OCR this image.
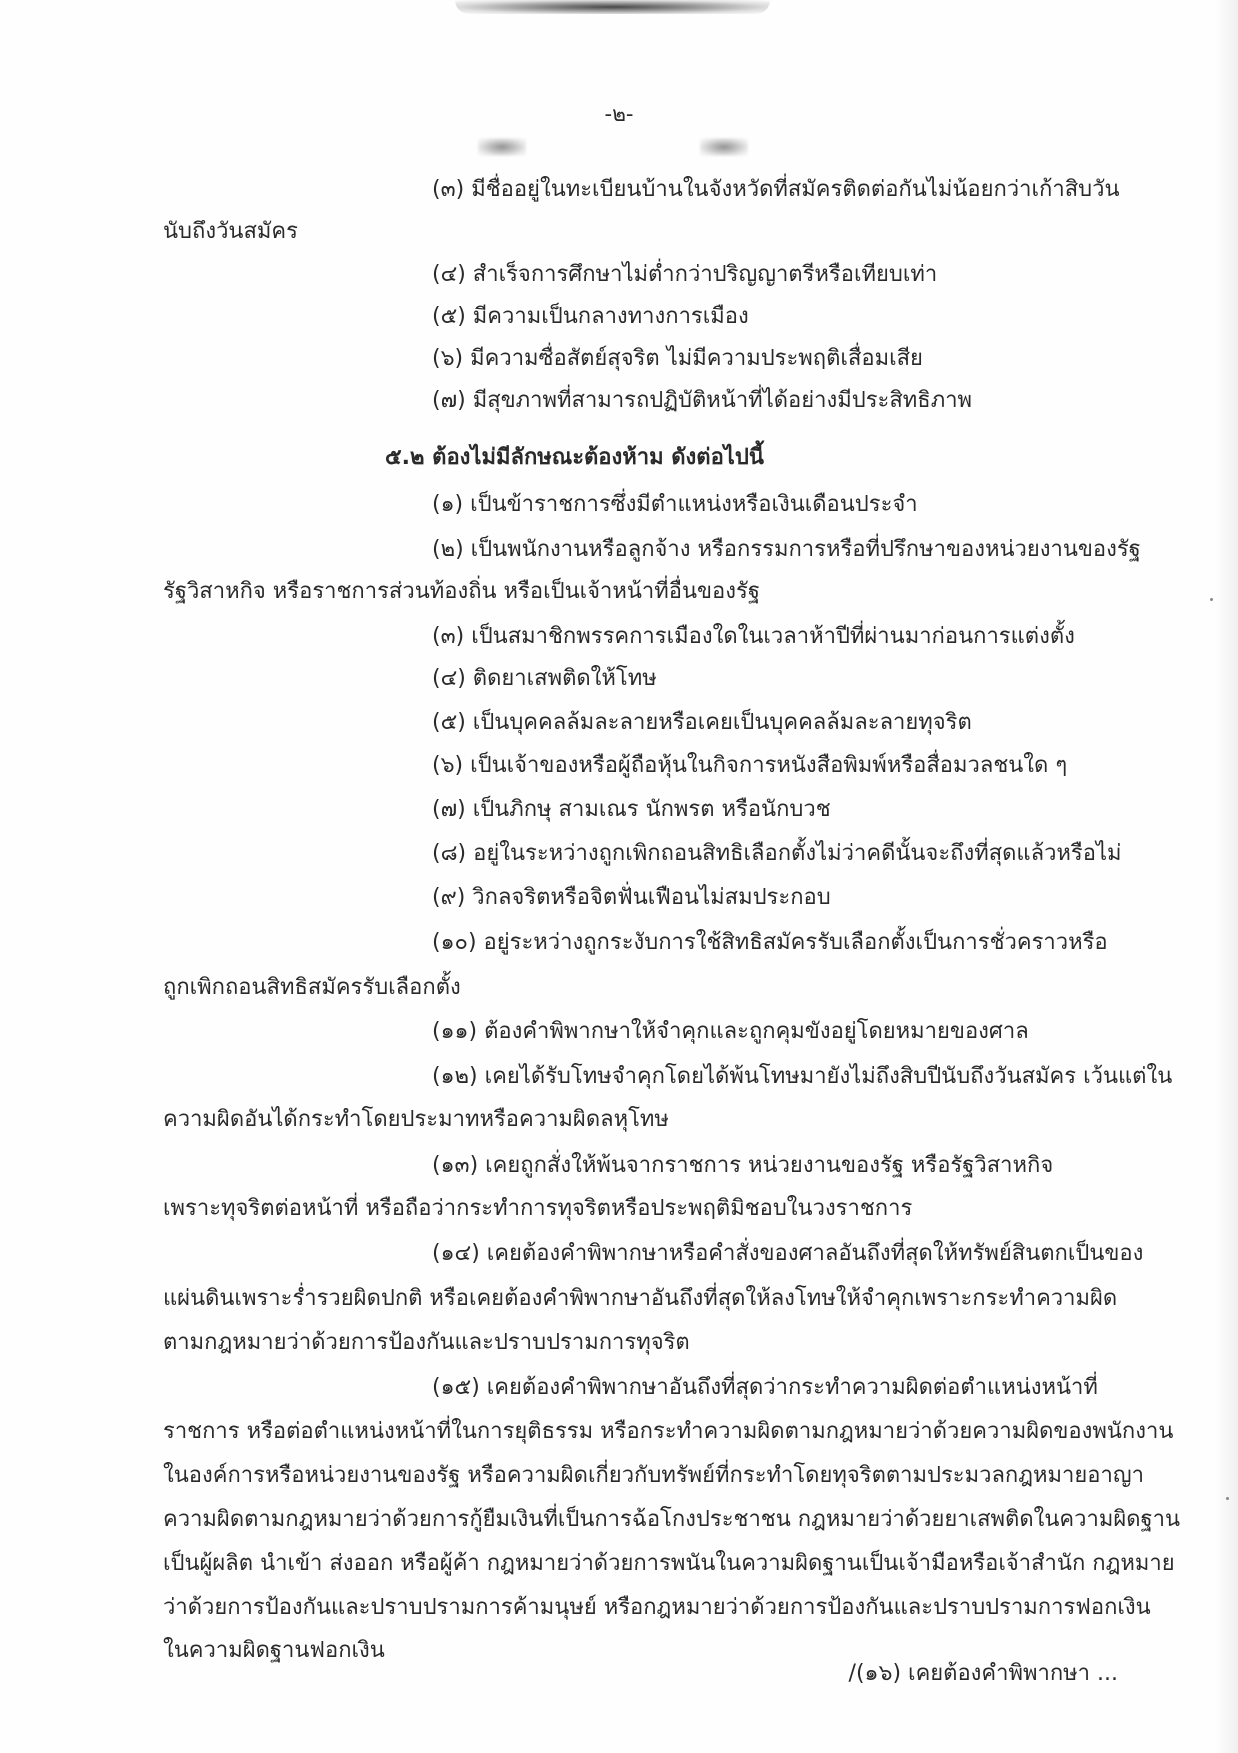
-๒-
(๓) มีชื่ออยู่ในทะเบียนบ้านในจังหวัดที่สมัครติดต่อกันไม่น้อยกว่าเก้าสิบวัน
นับถึงวันสมัคร
(๔) สำเร็จการศึกษาไม่ต่ำกว่าปริญญาตรีหรือเทียบเท่า
(๕) มีความเป็นกลางทางการเมือง
(๖) มีความซื่อสัตย์สุจริต ไม่มีความประพฤติเสื่อมเสีย
(๗) มีสุขภาพที่สามารถปฏิบัติหน้าที่ได้อย่างมีประสิทธิภาพ
๕.๒ ต้องไม่มีลักษณะต้องห้าม ดังต่อไปนี้
(๑) เป็นข้าราชการซึ่งมีตำแหน่งหรือเงินเดือนประจำ
(๒) เป็นพนักงานหรือลูกจ้าง หรือกรรมการหรือที่ปรึกษาของหน่วยงานของรัฐ
รัฐวิสาหกิจ หรือราชการส่วนท้องถิ่น หรือเป็นเจ้าหน้าที่อื่นของรัฐ
(๓) เป็นสมาชิกพรรคการเมืองใดในเวลาห้าปีที่ผ่านมาก่อนการแต่งตั้ง
(๔) ติดยาเสพติดให้โทษ
(๕) เป็นบุคคลล้มละลายหรือเคยเป็นบุคคลล้มละลายทุจริต
(๖) เป็นเจ้าของหรือผู้ถือหุ้นในกิจการหนังสือพิมพ์หรือสื่อมวลชนใด ๆ
(๗) เป็นภิกษุ สามเณร นักพรต หรือนักบวช
(๘) อยู่ในระหว่างถูกเพิกถอนสิทธิเลือกตั้งไม่ว่าคดีนั้นจะถึงที่สุดแล้วหรือไม่
(๙) วิกลจริตหรือจิตฟั่นเฟือนไม่สมประกอบ
(๑๐) อยู่ระหว่างถูกระงับการใช้สิทธิสมัครรับเลือกตั้งเป็นการชั่วคราวหรือ
ถูกเพิกถอนสิทธิสมัครรับเลือกตั้ง
(๑๑) ต้องคำพิพากษาให้จำคุกและถูกคุมขังอยู่โดยหมายของศาล
(๑๒) เคยได้รับโทษจำคุกโดยได้พ้นโทษมายังไม่ถึงสิบปีนับถึงวันสมัคร เว้นแต่ใน
ความผิดอันได้กระทำโดยประมาทหรือความผิดลหุโทษ
(๑๓) เคยถูกสั่งให้พ้นจากราชการ หน่วยงานของรัฐ หรือรัฐวิสาหกิจ
เพราะทุจริตต่อหน้าที่ หรือถือว่ากระทำการทุจริตหรือประพฤติมิชอบในวงราชการ
(๑๔) เคยต้องคำพิพากษาหรือคำสั่งของศาลอันถึงที่สุดให้ทรัพย์สินตกเป็นของ
แผ่นดินเพราะร่ำรวยผิดปกติ หรือเคยต้องคำพิพากษาอันถึงที่สุดให้ลงโทษให้จำคุกเพราะกระทำความผิด
ตามกฎหมายว่าด้วยการป้องกันและปราบปรามการทุจริต
(๑๕) เคยต้องคำพิพากษาอันถึงที่สุดว่ากระทำความผิดต่อตำแหน่งหน้าที่
ราชการ หรือต่อตำแหน่งหน้าที่ในการยุติธรรม หรือกระทำความผิดตามกฎหมายว่าด้วยความผิดของพนักงาน
ในองค์การหรือหน่วยงานของรัฐ หรือความผิดเกี่ยวกับทรัพย์ที่กระทำโดยทุจริตตามประมวลกฎหมายอาญา
ความผิดตามกฎหมายว่าด้วยการกู้ยืมเงินที่เป็นการฉ้อโกงประชาชน กฎหมายว่าด้วยยาเสพติดในความผิดฐาน
เป็นผู้ผลิต นำเข้า ส่งออก หรือผู้ค้า กฎหมายว่าด้วยการพนันในความผิดฐานเป็นเจ้ามือหรือเจ้าสำนัก กฎหมาย
ว่าด้วยการป้องกันและปราบปรามการค้ามนุษย์ หรือกฎหมายว่าด้วยการป้องกันและปราบปรามการฟอกเงิน
ในความผิดฐานฟอกเงิน
/(๑๖) เคยต้องคำพิพากษา ...
